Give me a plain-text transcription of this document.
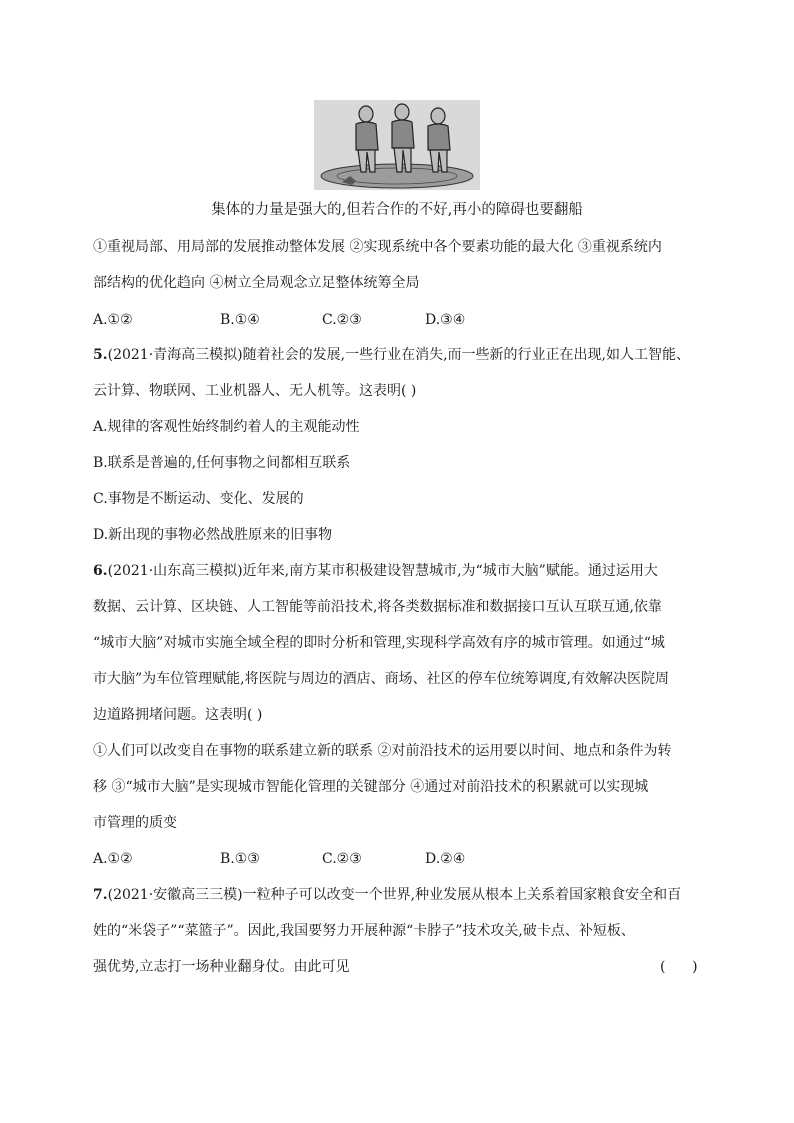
集体的力量是强大的,但若合作的不好,再小的障碍也要翻船
①重视局部、用局部的发展推动整体发展 ②实现系统中各个要素功能的最大化 ③重视系统内
部结构的优化趋向 ④树立全局观念立足整体统筹全局
A.①②	B.①④	C.②③	D.③④
5.(2021·青海高三模拟)随着社会的发展,一些行业在消失,而一些新的行业正在出现,如人工智能、
云计算、物联网、工业机器人、无人机等。这表明( )
A.规律的客观性始终制约着人的主观能动性
B.联系是普遍的,任何事物之间都相互联系
C.事物是不断运动、变化、发展的
D.新出现的事物必然战胜原来的旧事物
6.(2021·山东高三模拟)近年来,南方某市积极建设智慧城市,为“城市大脑”赋能。通过运用大
数据、云计算、区块链、人工智能等前沿技术,将各类数据标准和数据接口互认互联互通,依靠
“城市大脑”对城市实施全域全程的即时分析和管理,实现科学高效有序的城市管理。如通过“城
市大脑”为车位管理赋能,将医院与周边的酒店、商场、社区的停车位统筹调度,有效解决医院周
边道路拥堵问题。这表明( )
①人们可以改变自在事物的联系建立新的联系 ②对前沿技术的运用要以时间、地点和条件为转
移 ③“城市大脑”是实现城市智能化管理的关键部分 ④通过对前沿技术的积累就可以实现城
市管理的质变
A.①②	B.①③	C.②③	D.②④
7.(2021·安徽高三三模)一粒种子可以改变一个世界,种业发展从根本上关系着国家粮食安全和百
姓的“米袋子”“菜篮子”。因此,我国要努力开展种源“卡脖子”技术攻关,破卡点、补短板、
强优势,立志打一场种业翻身仗。由此可见	(      )
